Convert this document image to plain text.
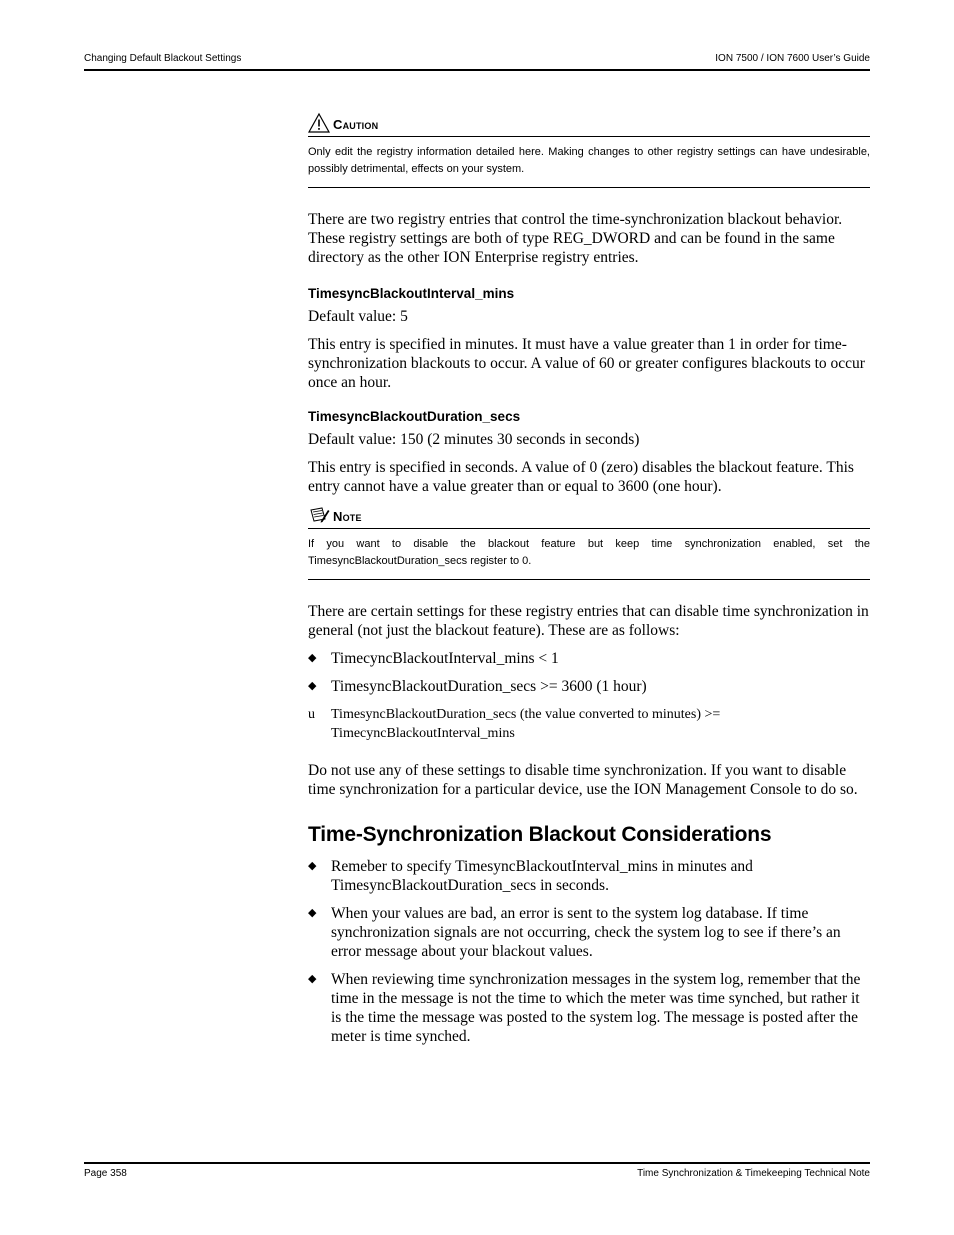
Changing Default Blackout Settings	ION 7500 / ION 7600 User’s Guide
Caution
Only edit the registry information detailed here. Making changes to other registry settings can have undesirable, possibly detrimental, effects on your system.

There are two registry entries that control the time-synchronization blackout behavior. These registry settings are both of type REG_DWORD and can be found in the same directory as the other ION Enterprise registry entries.

TimesyncBlackoutInterval_mins

Default value: 5

This entry is specified in minutes. It must have a value greater than 1 in order for time-synchronization blackouts to occur. A value of 60 or greater configures blackouts to occur once an hour.

TimesyncBlackoutDuration_secs

Default value: 150 (2 minutes 30 seconds in seconds)

This entry is specified in seconds. A value of 0 (zero) disables the blackout feature. This entry cannot have a value greater than or equal to 3600 (one hour).

Note
If you want to disable the blackout feature but keep time synchronization enabled, set the TimesyncBlackoutDuration_secs register to 0.

There are certain settings for these registry entries that can disable time synchronization in general (not just the blackout feature). These are as follows:

◆ TimecyncBlackoutInterval_mins < 1
◆ TimesyncBlackoutDuration_secs >= 3600 (1 hour)
u	TimesyncBlackoutDuration_secs (the value converted to minutes) >= TimecyncBlackoutInterval_mins

Do not use any of these settings to disable time synchronization. If you want to disable time synchronization for a particular device, use the ION Management Console to do so.

Time-Synchronization Blackout Considerations
◆ Remeber to specify TimesyncBlackoutInterval_mins in minutes and TimesyncBlackoutDuration_secs in seconds.
◆ When your values are bad, an error is sent to the system log database. If time synchronization signals are not occurring, check the system log to see if there’s an error message about your blackout values.
◆ When reviewing time synchronization messages in the system log, remember that the time in the message is not the time to which the meter was time synched, but rather it is the time the message was posted to the system log. The message is posted after the meter is time synched.
Page 358	Time Synchronization & Timekeeping Technical Note
